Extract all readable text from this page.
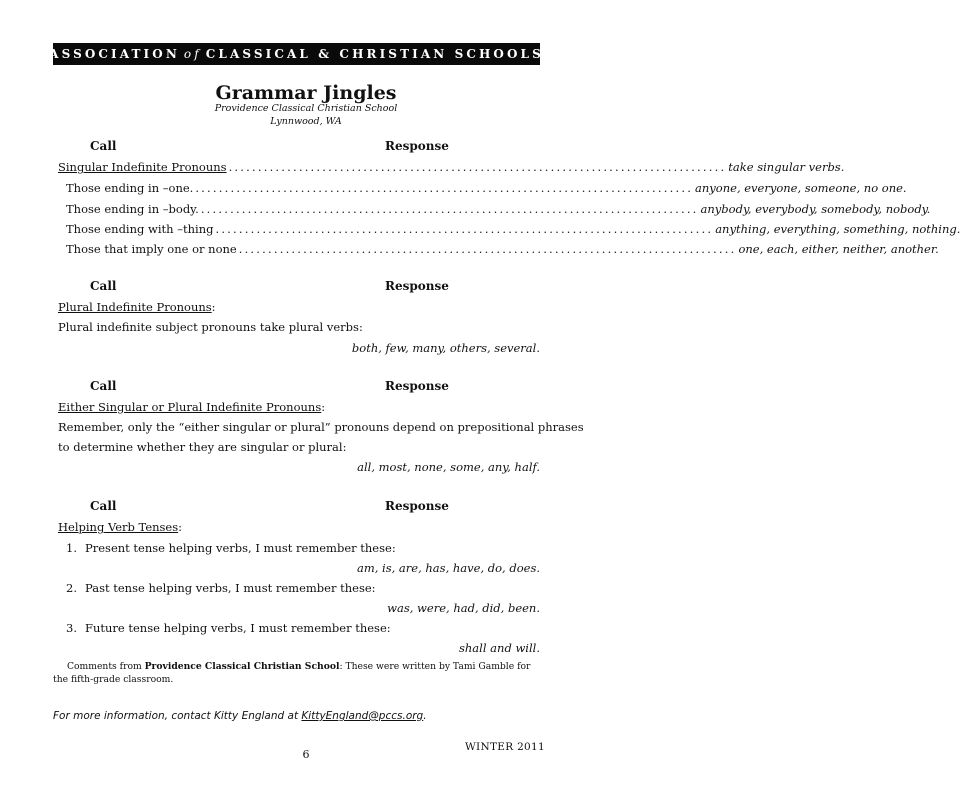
ASSOCIATION of CLASSICAL & CHRISTIAN SCHOOLS
Grammar Jingles
Providence Classical Christian School
Lynnwood, WA
Call	Response
Singular Indefinite Pronouns ..................................................................................... take singular verbs.
Those ending in –one. ..................................................................................... anyone, everyone, someone, no one.
Those ending in –body. ..................................................................................... anybody, everybody, somebody, nobody.
Those ending with –thing ..................................................................................... anything, everything, something, nothing.
Those that imply one or none ..................................................................................... one, each, either, neither, another.
Call	Response
Plural Indefinite Pronouns:
Plural indefinite subject pronouns take plural verbs:
both, few, many, others, several.
Call	Response
Either Singular or Plural Indefinite Pronouns:
Remember, only the “either singular or plural” pronouns depend on prepositional phrases
to determine whether they are singular or plural:
all, most, none, some, any, half.
Call	Response
Helping Verb Tenses:
1. Present tense helping verbs, I must remember these:
am, is, are, has, have, do, does.
2. Past tense helping verbs, I must remember these:
was, were, had, did, been.
3. Future tense helping verbs, I must remember these:
shall and will.
Comments from Providence Classical Christian School: These were written by Tami Gamble for the fifth-grade classroom.
For more information, contact Kitty England at KittyEngland@pccs.org.
WINTER 2011
6
